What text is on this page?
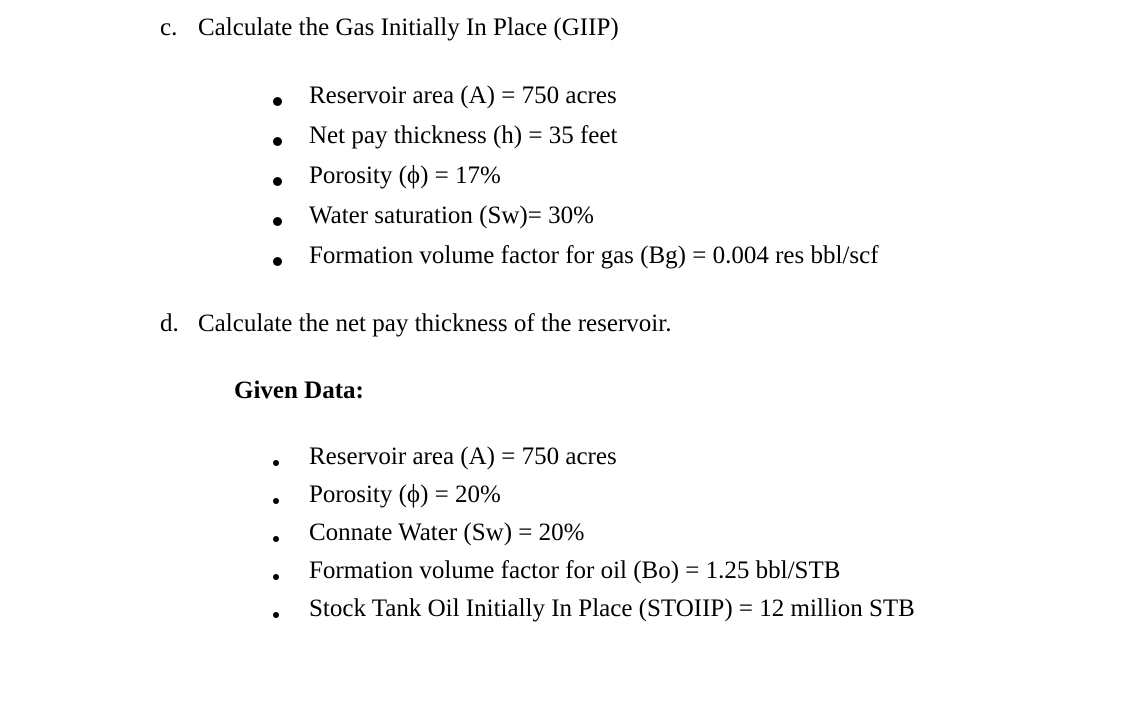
c. Calculate the Gas Initially In Place (GIIP)
Reservoir area (A) = 750 acres
Net pay thickness (h) = 35 feet
Porosity (ϕ) = 17%
Water saturation (Sw)= 30%
Formation volume factor for gas (Bg) = 0.004 res bbl/scf
d. Calculate the net pay thickness of the reservoir.
Given Data:
Reservoir area (A) = 750 acres
Porosity (ϕ) = 20%
Connate Water (Sw) = 20%
Formation volume factor for oil (Bo) = 1.25 bbl/STB
Stock Tank Oil Initially In Place (STOIIP) = 12 million STB
